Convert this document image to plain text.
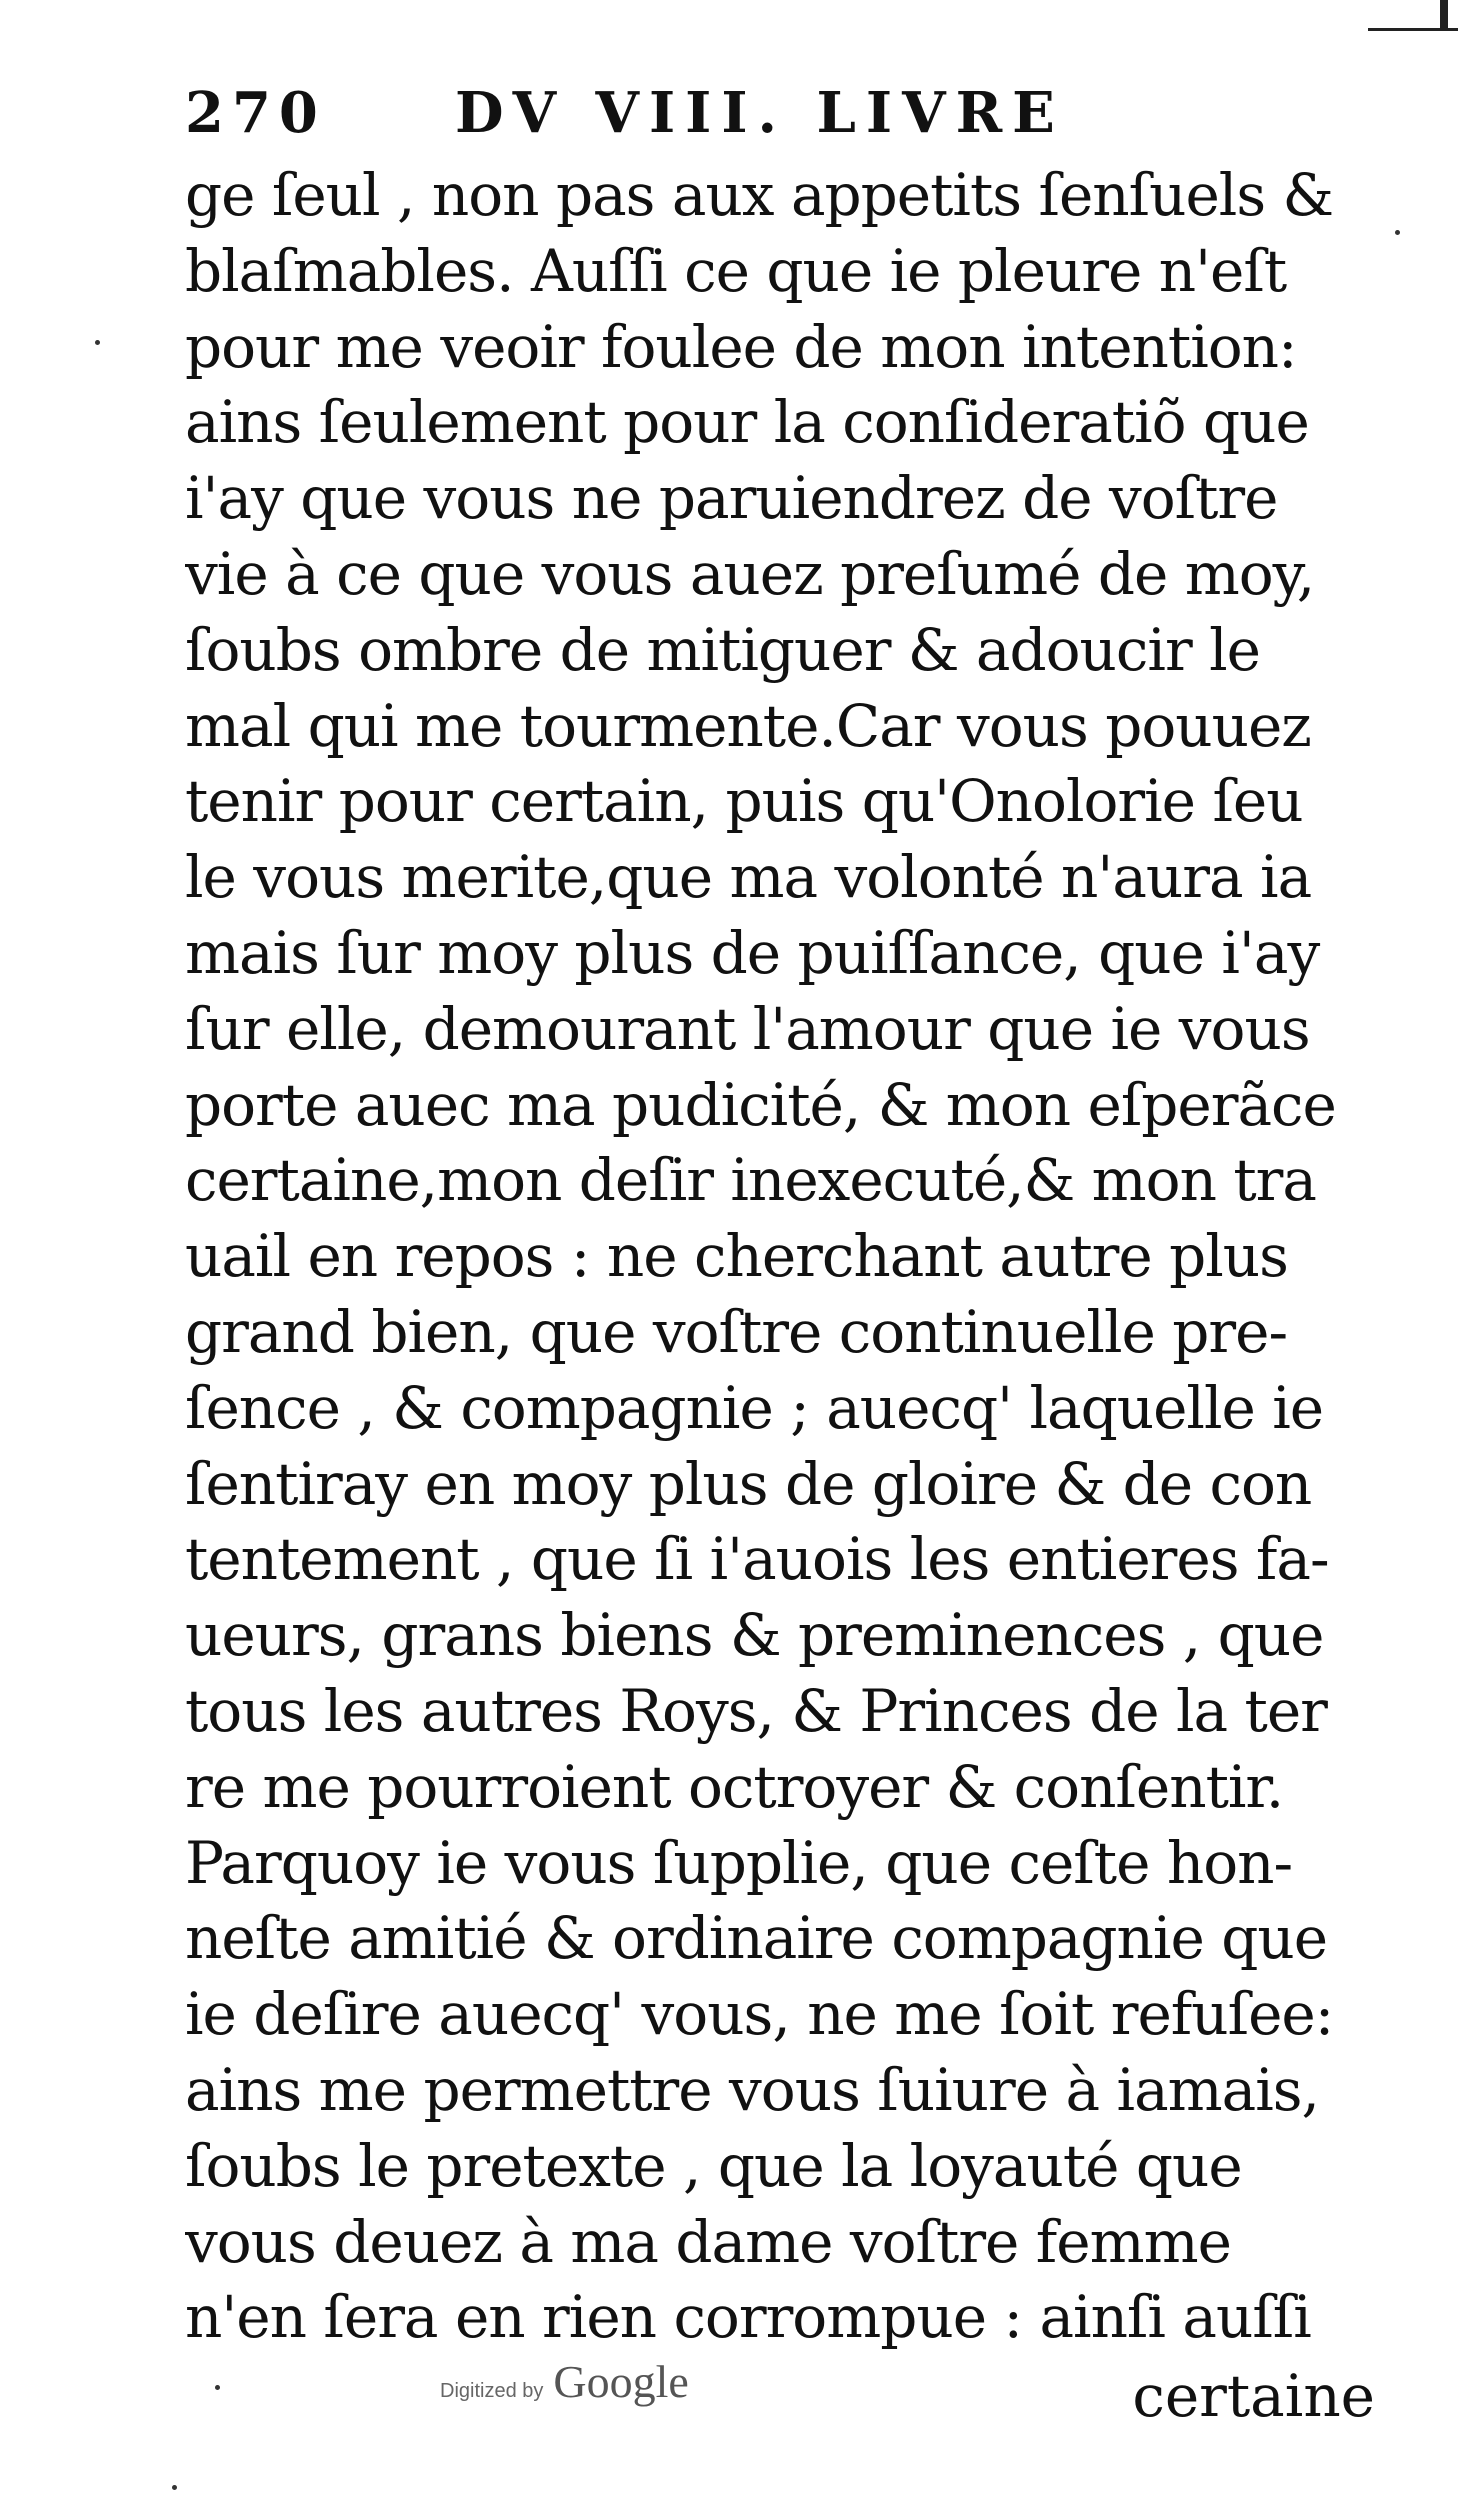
270	DV VIII. LIVRE
ge ſeul , non pas aux appetits ſenſuels &
blaſmables. Auſſi ce que ie pleure n'eſt
pour me veoir foulee de mon intention:
ains ſeulement pour la conſideratiõ que
i'ay que vous ne paruiendrez de voſtre
vie à ce que vous auez preſumé de moy,
ſoubs ombre de mitiguer & adoucir le
mal qui me tourmente.Car vous pouuez
tenir pour certain, puis qu'Onolorie ſeu
le vous merite,que ma volonté n'aura ia
mais ſur moy plus de puiſſance, que i'ay
ſur elle, demourant l'amour que ie vous
porte auec ma pudicité, & mon eſperãce
certaine,mon deſir inexecuté,& mon tra
uail en repos : ne cherchant autre plus
grand bien, que voſtre continuelle pre-
ſence , & compagnie ; auecq' laquelle ie
ſentiray en moy plus de gloire & de con
tentement , que ſi i'auois les entieres fa-
ueurs, grans biens & preminences , que
tous les autres Roys, & Princes de la ter
re me pourroient octroyer & conſentir.
Parquoy ie vous ſupplie, que ceſte hon-
neſte amitié & ordinaire compagnie que
ie deſire auecq' vous, ne me ſoit refuſee:
ains me permettre vous ſuiure à iamais,
ſoubs le pretexte , que la loyauté que
vous deuez à ma dame voſtre femme
n'en ſera en rien corrompue : ainſi auſſi
certaine
Digitized by Google
